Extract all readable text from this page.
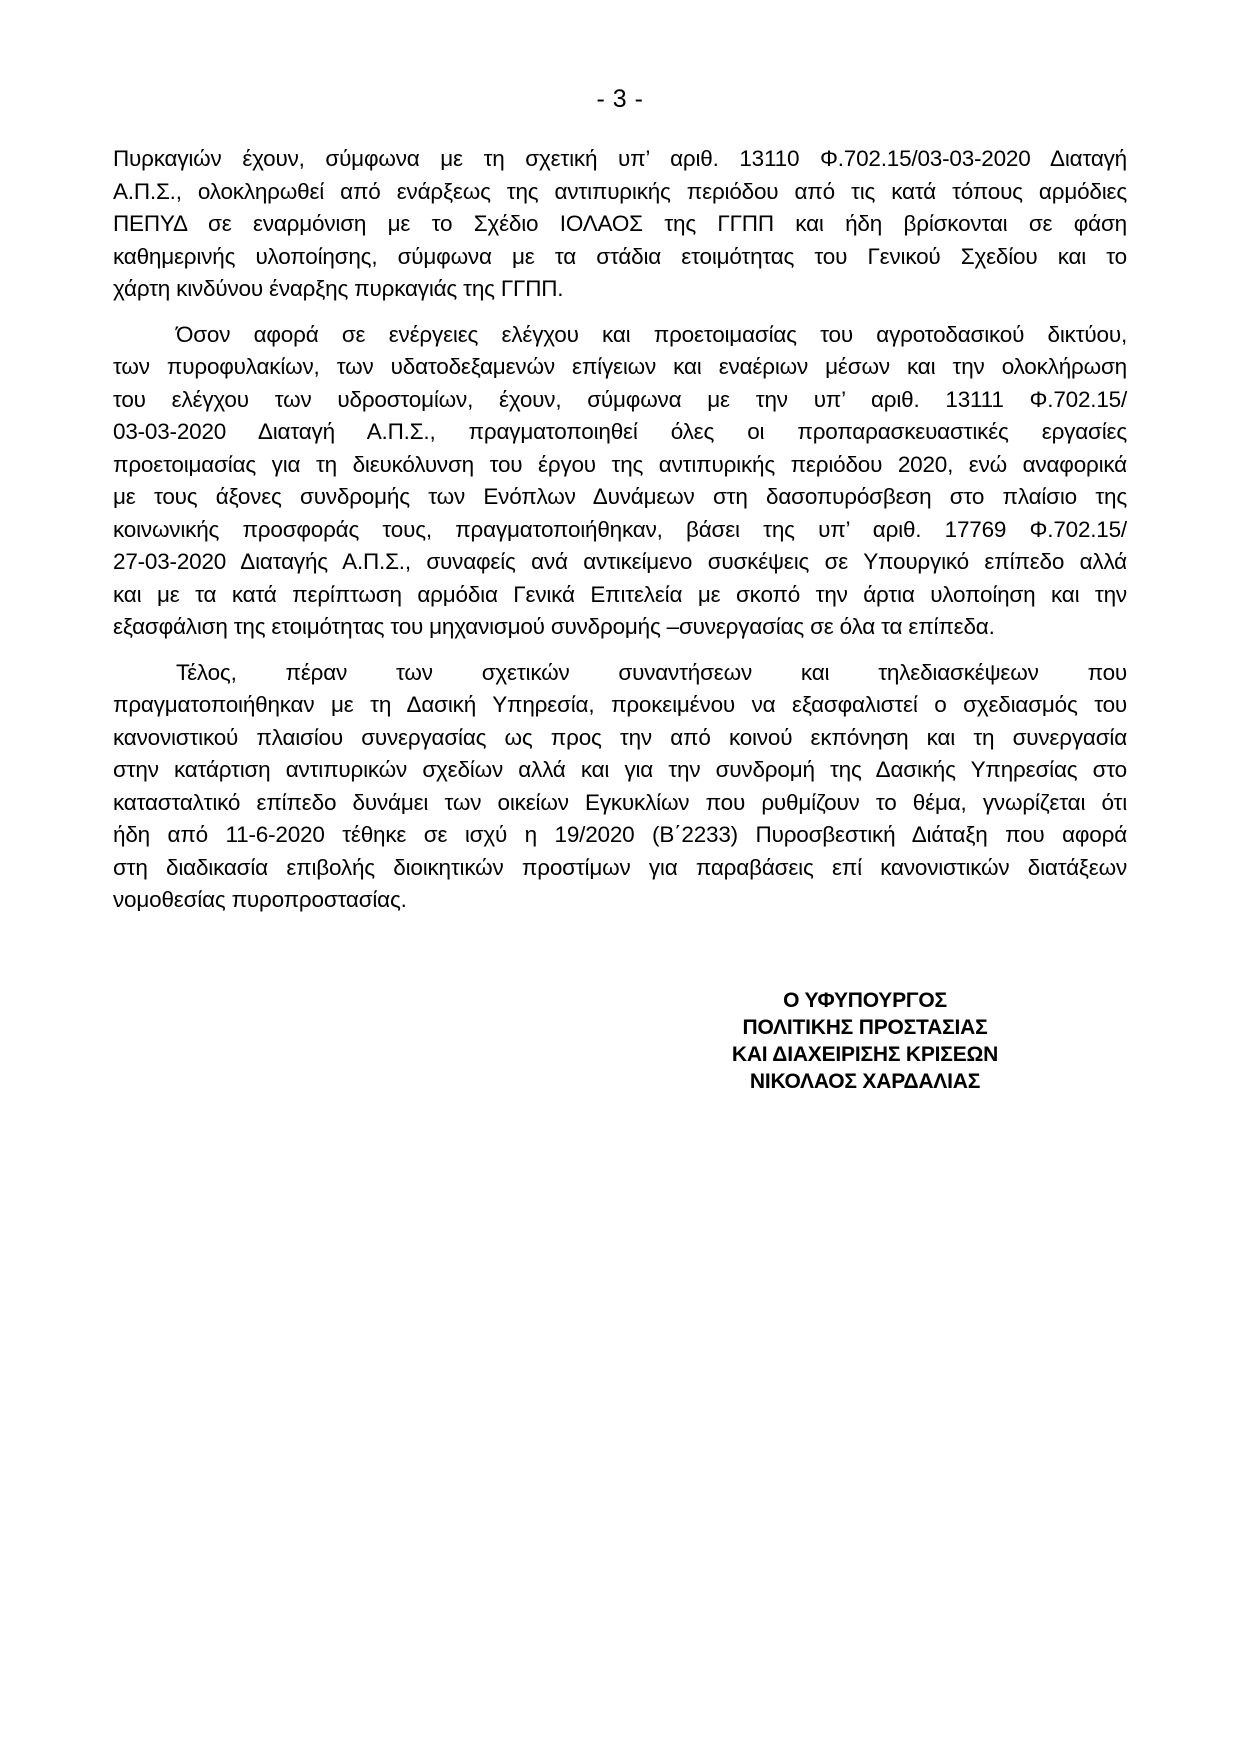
- 3 -
Πυρκαγιών έχουν, σύμφωνα με τη σχετική υπ’ αριθ. 13110 Φ.702.15/03-03-2020 Διαταγή
Α.Π.Σ., ολοκληρωθεί από ενάρξεως της αντιπυρικής περιόδου από τις κατά τόπους αρμόδιες
ΠΕΠΥΔ σε εναρμόνιση με το Σχέδιο ΙΟΛΑΟΣ της ΓΓΠΠ και ήδη βρίσκονται σε φάση
καθημερινής υλοποίησης, σύμφωνα με τα στάδια ετοιμότητας του Γενικού Σχεδίου και το
χάρτη κινδύνου έναρξης πυρκαγιάς της ΓΓΠΠ.
Όσον αφορά σε ενέργειες ελέγχου και προετοιμασίας του αγροτοδασικού δικτύου,
των πυροφυλακίων, των υδατοδεξαμενών επίγειων και εναέριων μέσων και την ολοκλήρωση
του ελέγχου των υδροστομίων, έχουν, σύμφωνα με την υπ’ αριθ. 13111 Φ.702.15/
03-03-2020 Διαταγή Α.Π.Σ., πραγματοποιηθεί όλες οι προπαρασκευαστικές εργασίες
προετοιμασίας για τη διευκόλυνση του έργου της αντιπυρικής περιόδου 2020, ενώ αναφορικά
με τους άξονες συνδρομής των Ενόπλων Δυνάμεων στη δασοπυρόσβεση στο πλαίσιο της
κοινωνικής προσφοράς τους, πραγματοποιήθηκαν, βάσει της υπ’ αριθ. 17769 Φ.702.15/
27-03-2020 Διαταγής Α.Π.Σ., συναφείς ανά αντικείμενο συσκέψεις σε Υπουργικό επίπεδο αλλά
και με τα κατά περίπτωση αρμόδια Γενικά Επιτελεία με σκοπό την άρτια υλοποίηση και την
εξασφάλιση της ετοιμότητας του μηχανισμού συνδρομής –συνεργασίας σε όλα τα επίπεδα.
Τέλος, πέραν των σχετικών συναντήσεων και τηλεδιασκέψεων που
πραγματοποιήθηκαν με τη Δασική Υπηρεσία, προκειμένου να εξασφαλιστεί ο σχεδιασμός του
κανονιστικού πλαισίου συνεργασίας ως προς την από κοινού εκπόνηση και τη συνεργασία
στην κατάρτιση αντιπυρικών σχεδίων αλλά και για την συνδρομή της Δασικής Υπηρεσίας στο
κατασταλτικό επίπεδο δυνάμει των οικείων Εγκυκλίων που ρυθμίζουν το θέμα, γνωρίζεται ότι
ήδη από 11-6-2020 τέθηκε σε ισχύ η 19/2020 (Β΄2233) Πυροσβεστική Διάταξη που αφορά
στη διαδικασία επιβολής διοικητικών προστίμων για παραβάσεις επί κανονιστικών διατάξεων
νομοθεσίας πυροπροστασίας.
Ο ΥΦΥΠΟΥΡΓΟΣ
ΠΟΛΙΤΙΚΗΣ ΠΡΟΣΤΑΣΙΑΣ
ΚΑΙ ΔΙΑΧΕΙΡΙΣΗΣ ΚΡΙΣΕΩΝ
ΝΙΚΟΛΑΟΣ ΧΑΡΔΑΛΙΑΣ
